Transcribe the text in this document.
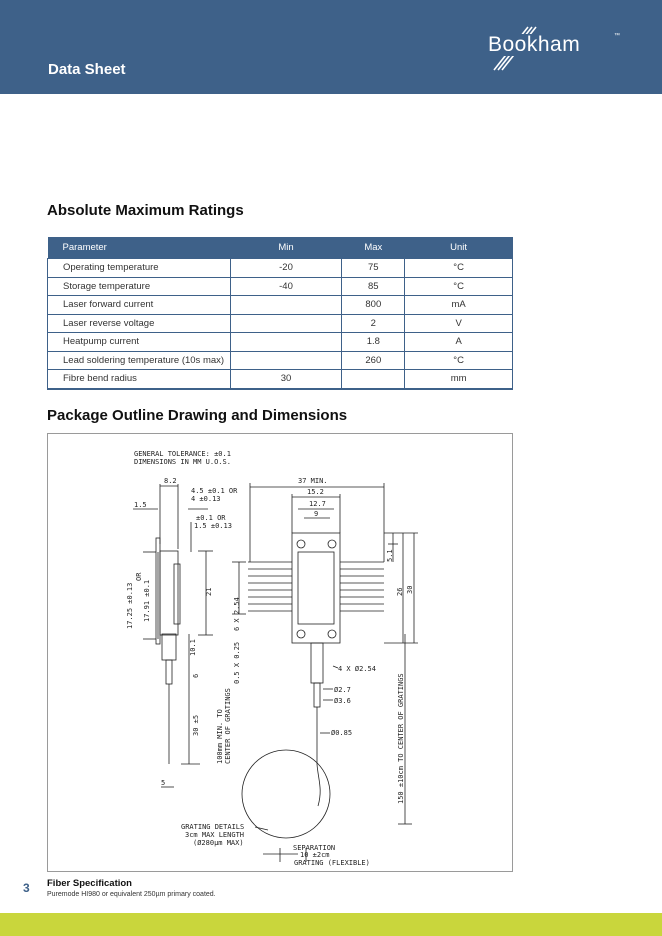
Data Sheet
Bookham	™
Absolute Maximum Ratings
Parameter	Min	Max	Unit
Operating temperature	-20	75	°C
Storage temperature	-40	85	°C
Laser forward current		800	mA
Laser reverse voltage		2	V
Heatpump current		1.8	A
Lead soldering temperature (10s max)		260	°C
Fibre bend radius	30		mm
Package Outline Drawing and Dimensions
GENERAL TOLERANCE: ±0.1
DIMENSIONS IN MM U.O.S.
8.2
4.5 ±0.1 OR
4 ±0.13
1.5
±0.1 OR
1.5 ±0.13
37 MIN.
15.2
12.7
9
21
17.25 ±0.13
OR
17.91 ±0.1	6 X 2.54
0.5 X 0.25
10.1
6
30 ±5 100mm MIN. TO CENTER OF GRATINGS
5
5.1
26 30
4 X Ø2.54
Ø2.7
Ø3.6
Ø0.85	150 ±10cm TO CENTER OF GRATINGS
GRATING DETAILS
3cm MAX LENGTH
(Ø280µm MAX)
SEPARATION
10 ±2cm
GRATING (FLEXIBLE)
3 Fiber Specification
Puremode HI980 or equivalent 250µm primary coated.
